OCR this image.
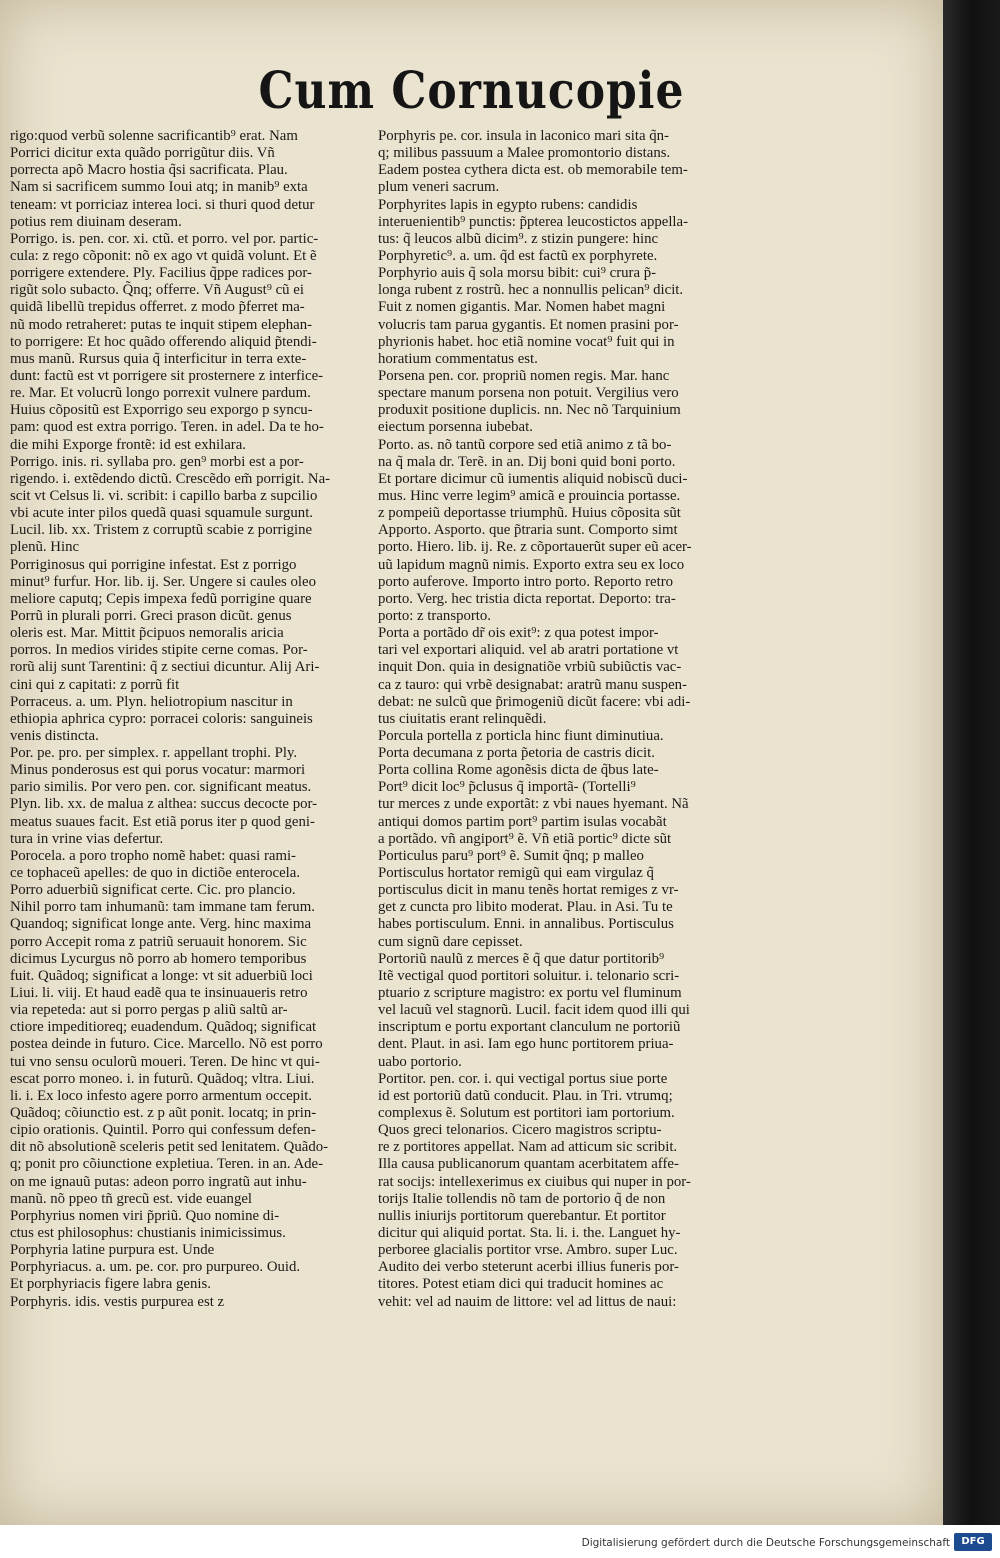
Cum Cornucopie
rigo:quod verbũ solenne sacrificantib⁹ erat. Nam
Porrici dicitur exta quãdo porrigũtur diis. Vñ
porrecta apõ Macro hostia q̃si sacrificata. Plau.
Nam si sacrificem summo Ioui atq; in manib⁹ exta
teneam: vt porriciaz interea loci. si thuri quod detur
potius rem diuinam deseram.
Porrigo. is. pen. cor. xi. ctũ. et porro. vel por. partic-
cula: z rego cõponit: nõ ex ago vt quidã volunt. Et ẽ
porrigere extendere. Ply. Facilius q̃ppe radices por-
rigũt solo subacto. Q̃nq; offerre. Vñ August⁹ cũ ei
quidã libellũ trepidus offerret. z modo p̃ferret ma-
nũ modo retraheret: putas te inquit stipem elephan-
to porrigere: Et hoc quãdo offerendo aliquid p̃tendi-
mus manũ. Rursus quia q̃ interficitur in terra exte-
dunt: factũ est vt porrigere sit prosternere z interfice-
re. Mar. Et volucrũ longo porrexit vulnere pardum.
Huius cõpositũ est Exporrigo seu exporgo p syncu-
pam: quod est extra porrigo. Teren. in adel. Da te ho-
die mihi Exporge frontẽ: id est exhilara.
Porrigo. inis. ri. syllaba pro. gen⁹ morbi est a por-
rigendo. i. extẽdendo dictũ. Crescẽdo em̃ porrigit. Na-
scit vt Celsus li. vi. scribit: i capillo barba z supcilio
vbi acute inter pilos quedã quasi squamule surgunt.
Lucil. lib. xx. Tristem z corruptũ scabie z porrigine
plenũ. Hinc
Porriginosus qui porrigine infestat. Est z porrigo
minut⁹ furfur. Hor. lib. ij. Ser. Ungere si caules oleo
meliore caputq; Cepis impexa fedũ porrigine quare
Porrũ in plurali porri. Greci prason dicũt. genus
oleris est. Mar. Mittit p̃cipuos nemoralis aricia
porros. In medios virides stipite cerne comas. Por-
rorũ alij sunt Tarentini: q̃ z sectiui dicuntur. Alij Ari-
cini qui z capitati: z porrũ fit
Porraceus. a. um. Plyn. heliotropium nascitur in
ethiopia aphrica cypro: porracei coloris: sanguineis
venis distincta.
Por. pe. pro. per simplex. r. appellant trophi. Ply.
Minus ponderosus est qui porus vocatur: marmori
pario similis. Por vero pen. cor. significant meatus.
Plyn. lib. xx. de malua z althea: succus decocte por-
meatus suaues facit. Est etiã porus iter p quod geni-
tura in vrine vias defertur.
Porocela. a poro tropho nomẽ habet: quasi rami-
ce tophaceũ apelles: de quo in dictiõe enterocela.
Porro aduerbiũ significat certe. Cic. pro plancio.
Nihil porro tam inhumanũ: tam immane tam ferum.
Quandoq; significat longe ante. Verg. hinc maxima
porro Accepit roma z patriũ seruauit honorem. Sic
dicimus Lycurgus nõ porro ab homero temporibus
fuit. Quãdoq; significat a longe: vt sit aduerbiũ loci
Liui. li. viij. Et haud eadẽ qua te insinuaueris retro
via repeteda: aut si porro pergas p aliũ saltũ ar-
ctiore impeditioreq; euadendum. Quãdoq; significat
postea deinde in futuro. Cice. Marcello. Nõ est porro
tui vno sensu oculorũ moueri. Teren. De hinc vt qui-
escat porro moneo. i. in futurũ. Quãdoq; vltra. Liui.
li. i. Ex loco infesto agere porro armentum occepit.
Quãdoq; cõiunctio est. z p aũt ponit. locatq; in prin-
cipio orationis. Quintil. Porro qui confessum defen-
dit nõ absolutionẽ sceleris petit sed lenitatem. Quãdo-
q; ponit pro cõiunctione expletiua. Teren. in an. Ade-
on me ignauũ putas: adeon porro ingratũ aut inhu-
manũ. nõ ppeo tñ grecũ est. vide euangel
Porphyrius nomen viri p̃priũ. Quo nomine di-
ctus est philosophus: chustianis inimicissimus.
Porphyria latine purpura est. Unde
Porphyriacus. a. um. pe. cor. pro purpureo. Ouid.
Et porphyriacis figere labra genis.
Porphyris. idis. vestis purpurea est z
Porphyris pe. cor. insula in laconico mari sita q̃n-
q; milibus passuum a Malee promontorio distans.
Eadem postea cythera dicta est. ob memorabile tem-
plum veneri sacrum.
Porphyrites lapis in egypto rubens: candidis
interuenientib⁹ punctis: p̃pterea leucostictos appella-
tus: q̃ leucos albũ dicim⁹. z stizin pungere: hinc
Porphyretic⁹. a. um. q̃d est factũ ex porphyrete.
Porphyrio auis q̃ sola morsu bibit: cui⁹ crura p̃-
longa rubent z rostrũ. hec a nonnullis pelican⁹ dicit.
Fuit z nomen gigantis. Mar. Nomen habet magni
volucris tam parua gygantis. Et nomen prasini por-
phyrionis habet. hoc etiã nomine vocat⁹ fuit qui in
horatium commentatus est.
Porsena pen. cor. propriũ nomen regis. Mar. hanc
spectare manum porsena non potuit. Vergilius vero
produxit positione duplicis. nn. Nec nõ Tarquinium
eiectum porsenna iubebat.
Porto. as. nõ tantũ corpore sed etiã animo z tã bo-
na q̃ mala dr. Terẽ. in an. Dij boni quid boni porto.
Et portare dicimur cũ iumentis aliquid nobiscũ duci-
mus. Hinc verre legim⁹ amicã e prouincia portasse.
z pompeiũ deportasse triumphũ. Huius cõposita sũt
Apporto. Asporto. que p̃traria sunt. Comporto simt
porto. Hiero. lib. ij. Re. z cõportauerũt super eũ acer-
uũ lapidum magnũ nimis. Exporto extra seu ex loco
porto auferove. Importo intro porto. Reporto retro
porto. Verg. hec tristia dicta reportat. Deporto: tra-
porto: z transporto.
Porta a portãdo dr̃ ois exit⁹: z qua potest impor-
tari vel exportari aliquid. vel ab aratri portatione vt
inquit Don. quia in designatiõe vrbiũ subiũctis vac-
ca z tauro: qui vrbẽ designabat: aratrũ manu suspen-
debat: ne sulcũ que p̃rimogeniũ dicũt facere: vbi adi-
tus ciuitatis erant relinquẽdi.
Porcula portella z porticla hinc fiunt diminutiua.
Porta decumana z porta p̃etoria de castris dicit.
Porta collina Rome agonẽsis dicta de q̃bus late-
Port⁹ dicit loc⁹ p̃clusus q̃ importã- (Tortelli⁹
tur merces z unde exportãt: z vbi naues hyemant. Nã
antiqui domos partim port⁹ partim isulas vocabãt
a portãdo. vñ angiport⁹ ẽ. Vñ etiã portic⁹ dicte sũt
Porticulus paru⁹ port⁹ ẽ. Sumit q̃nq; p malleo
Portisculus hortator remigũ qui eam virgulaz q̃
portisculus dicit in manu tenẽs hortat remiges z vr-
get z cuncta pro libito moderat. Plau. in Asi. Tu te
habes portisculum. Enni. in annalibus. Portisculus
cum signũ dare cepisset.
Portoriũ naulũ z merces ẽ q̃ que datur portitorib⁹
Itẽ vectigal quod portitori soluitur. i. telonario scri-
ptuario z scripture magistro: ex portu vel fluminum
vel lacuũ vel stagnorũ. Lucil. facit idem quod illi qui
inscriptum e portu exportant clanculum ne portoriũ
dent. Plaut. in asi. Iam ego hunc portitorem priua-
uabo portorio.
Portitor. pen. cor. i. qui vectigal portus siue porte
id est portoriũ datũ conducit. Plau. in Tri. vtrumq;
complexus ẽ. Solutum est portitori iam portorium.
Quos greci telonarios. Cicero magistros scriptu-
re z portitores appellat. Nam ad atticum sic scribit.
Illa causa publicanorum quantam acerbitatem affe-
rat socijs: intellexerimus ex ciuibus qui nuper in por-
torijs Italie tollendis nõ tam de portorio q̃ de non
nullis iniurijs portitorum querebantur. Et portitor
dicitur qui aliquid portat. Sta. li. i. the. Languet hy-
perboree glacialis portitor vrse. Ambro. super Luc.
Audito dei verbo steterunt acerbi illius funeris por-
titores. Potest etiam dici qui traducit homines ac
vehit: vel ad nauim de littore: vel ad littus de naui:
Digitalisierung gefördert durch die Deutsche Forschungsgemeinschaft	DFG
